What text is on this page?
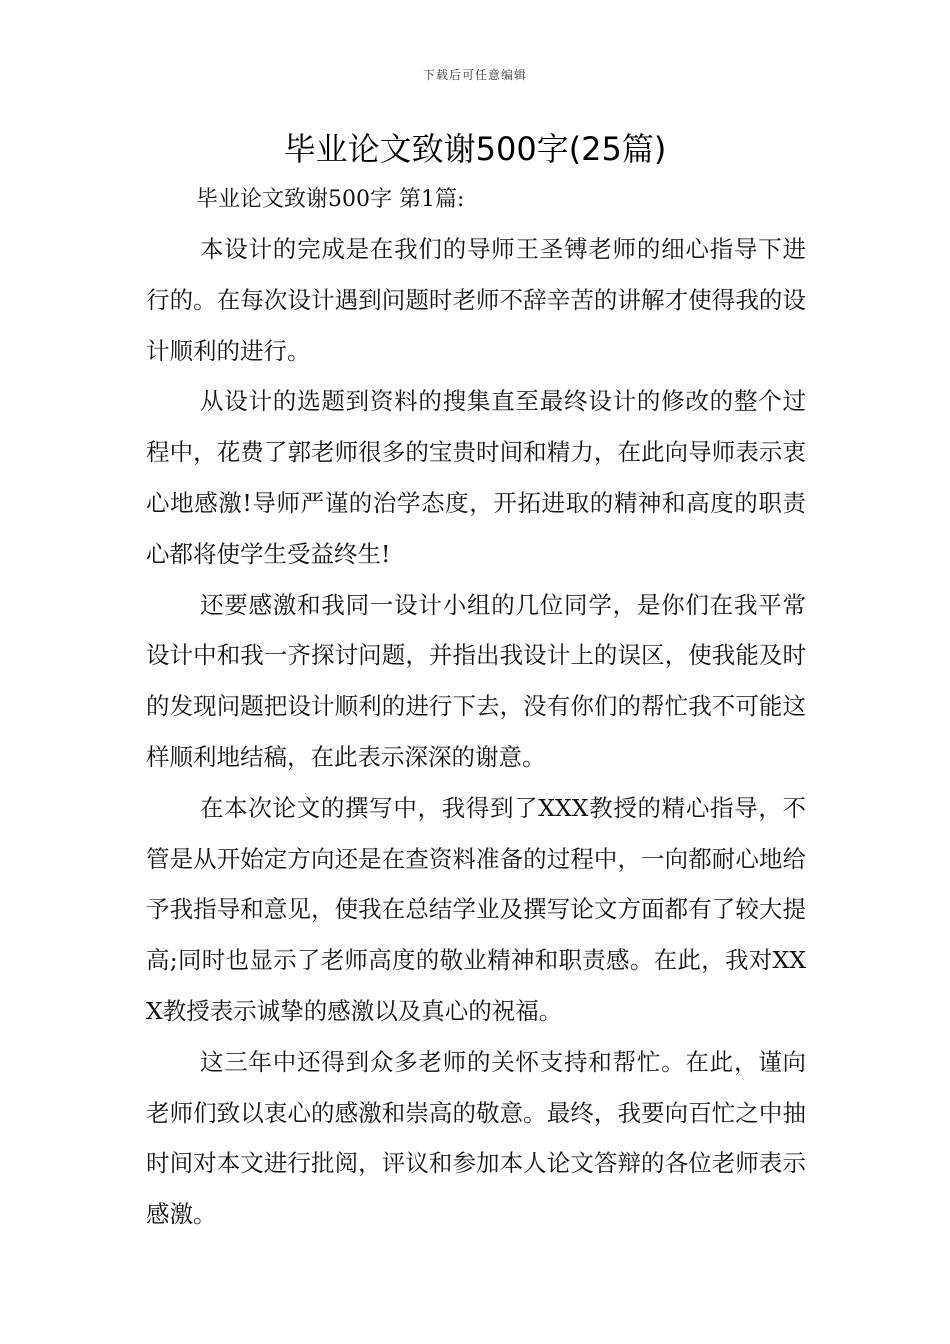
下载后可任意编辑
毕业论文致谢500字(25篇)
毕业论文致谢500字 第1篇:

本设计的完成是在我们的导师王圣镈老师的细心指导下进行的。在每次设计遇到问题时老师不辞辛苦的讲解才使得我的设计顺利的进行。

从设计的选题到资料的搜集直至最终设计的修改的整个过程中，花费了郭老师很多的宝贵时间和精力，在此向导师表示衷心地感激!导师严谨的治学态度，开拓进取的精神和高度的职责心都将使学生受益终生!

还要感激和我同一设计小组的几位同学，是你们在我平常设计中和我一齐探讨问题，并指出我设计上的误区，使我能及时的发现问题把设计顺利的进行下去，没有你们的帮忙我不可能这样顺利地结稿，在此表示深深的谢意。

在本次论文的撰写中，我得到了XXX教授的精心指导，不管是从开始定方向还是在查资料准备的过程中，一向都耐心地给予我指导和意见，使我在总结学业及撰写论文方面都有了较大提高;同时也显示了老师高度的敬业精神和职责感。在此，我对XXX教授表示诚挚的感激以及真心的祝福。

这三年中还得到众多老师的关怀支持和帮忙。在此，谨向老师们致以衷心的感激和崇高的敬意。最终，我要向百忙之中抽时间对本文进行批阅，评议和参加本人论文答辩的各位老师表示感激。
